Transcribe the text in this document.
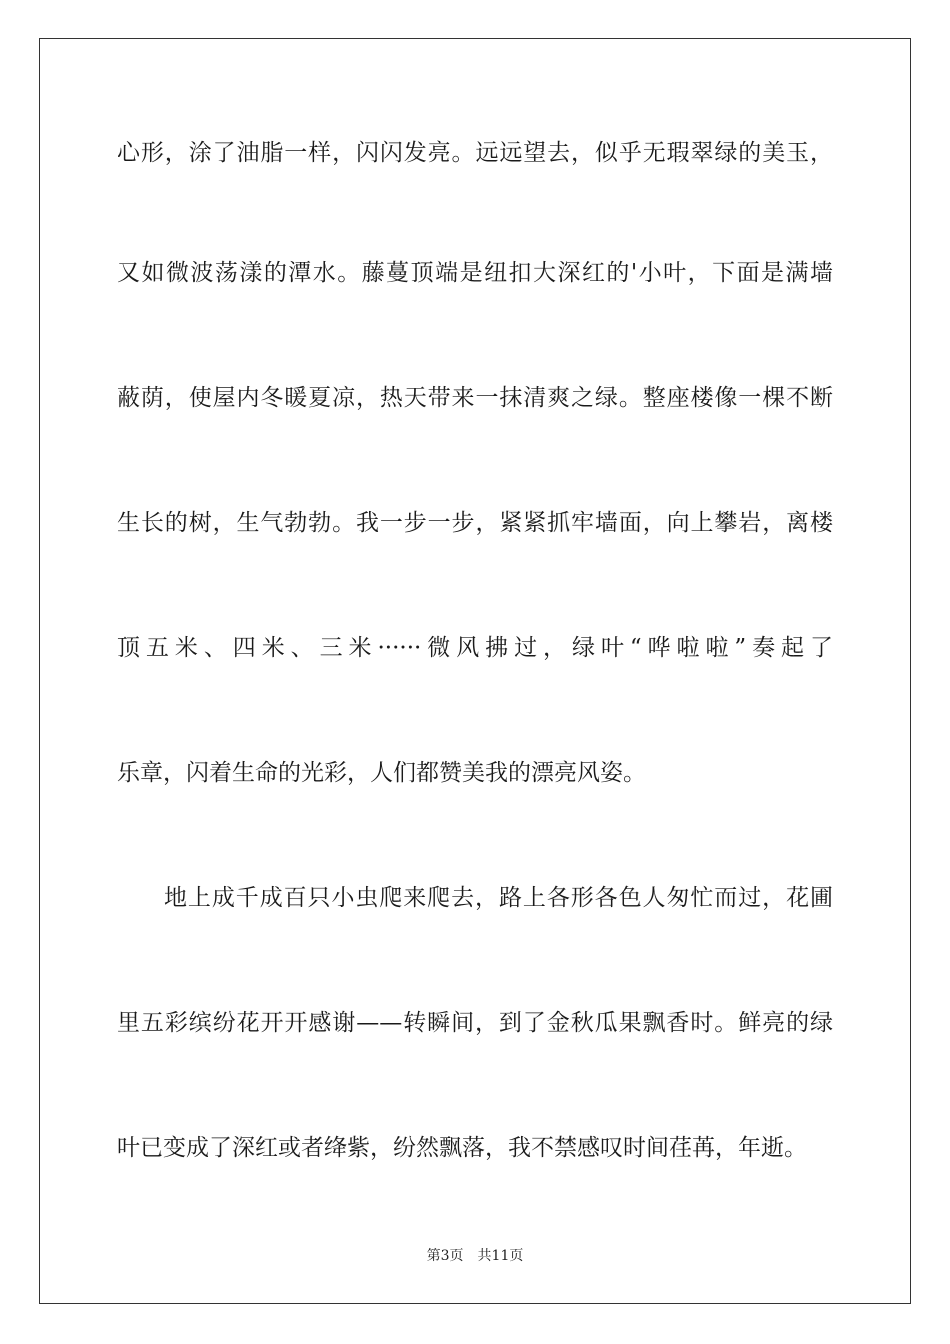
心形，涂了油脂一样，闪闪发亮。远远望去，似乎无瑕翠绿的美玉，
又如微波荡漾的潭水。藤蔓顶端是纽扣大深红的'小叶，下面是满墙
蔽荫，使屋内冬暖夏凉，热天带来一抹清爽之绿。整座楼像一棵不断
生长的树，生气勃勃。我一步一步，紧紧抓牢墙面，向上攀岩，离楼
顶五米、四米、三米······微风拂过，绿叶“哗啦啦”奏起了
乐章，闪着生命的光彩，人们都赞美我的漂亮风姿。
地上成千成百只小虫爬来爬去，路上各形各色人匆忙而过，花圃
里五彩缤纷花开开感谢——转瞬间，到了金秋瓜果飘香时。鲜亮的绿
叶已变成了深红或者绛紫，纷然飘落，我不禁感叹时间荏苒，年逝。
第3页 共11页
